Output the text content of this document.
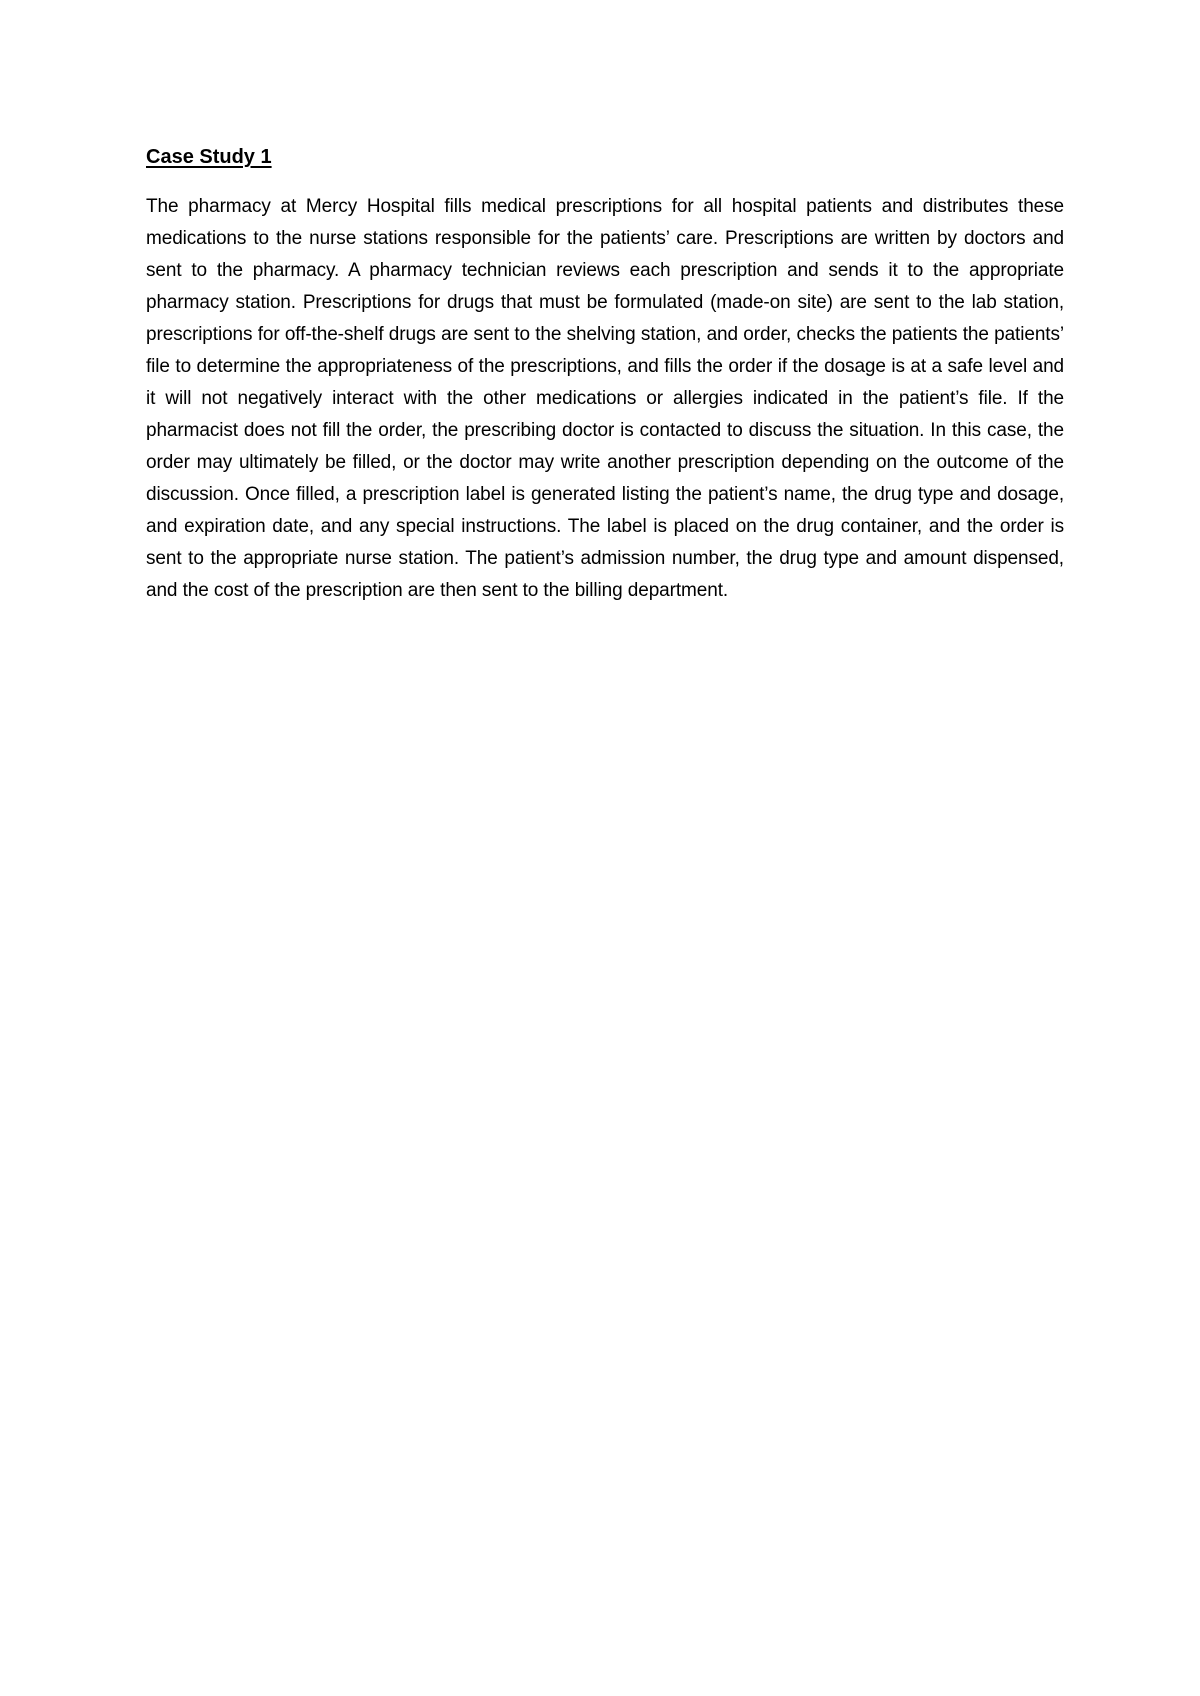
Case Study 1

The pharmacy at Mercy Hospital fills medical prescriptions for all hospital patients and distributes these medications to the nurse stations responsible for the patients’ care. Prescriptions are written by doctors and sent to the pharmacy. A pharmacy technician reviews each prescription and sends it to the appropriate pharmacy station. Prescriptions for drugs that must be formulated (made-on site) are sent to the lab station, prescriptions for off-the-shelf drugs are sent to the shelving station, and order, checks the patients the patients’ file to determine the appropriateness of the prescriptions, and fills the order if the dosage is at a safe level and it will not negatively interact with the other medications or allergies indicated in the patient’s file. If the pharmacist does not fill the order, the prescribing doctor is contacted to discuss the situation. In this case, the order may ultimately be filled, or the doctor may write another prescription depending on the outcome of the discussion. Once filled, a prescription label is generated listing the patient’s name, the drug type and dosage, and expiration date, and any special instructions. The label is placed on the drug container, and the order is sent to the appropriate nurse station. The patient’s admission number, the drug type and amount dispensed, and the cost of the prescription are then sent to the billing department.
